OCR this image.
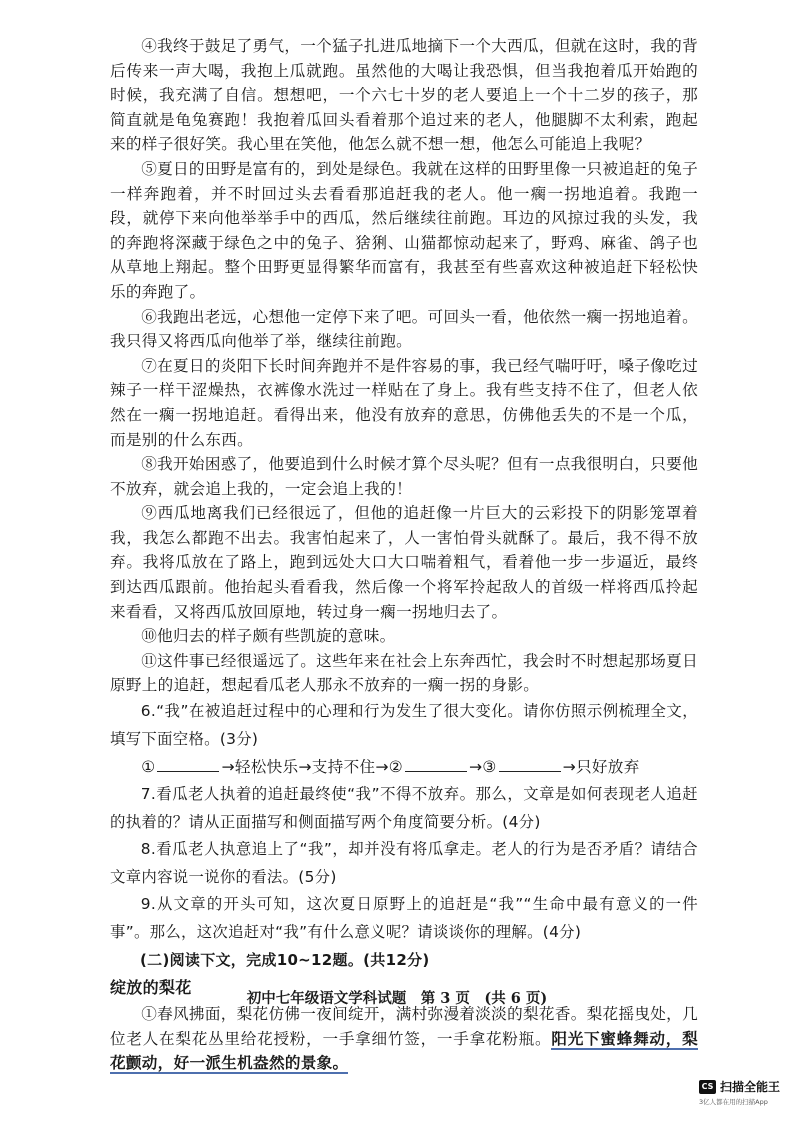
④我终于鼓足了勇气，一个猛子扎进瓜地摘下一个大西瓜，但就在这时，我的背后传来一声大喝，我抱上瓜就跑。虽然他的大喝让我恐惧，但当我抱着瓜开始跑的时候，我充满了自信。想想吧，一个六七十岁的老人要追上一个十二岁的孩子，那简直就是龟兔赛跑！我抱着瓜回头看着那个追过来的老人，他腿脚不太利索，跑起来的样子很好笑。我心里在笑他，他怎么就不想一想，他怎么可能追上我呢？

⑤夏日的田野是富有的，到处是绿色。我就在这样的田野里像一只被追赶的兔子一样奔跑着，并不时回过头去看看那追赶我的老人。他一瘸一拐地追着。我跑一段，就停下来向他举举手中的西瓜，然后继续往前跑。耳边的风掠过我的头发，我的奔跑将深藏于绿色之中的兔子、猞猁、山猫都惊动起来了，野鸡、麻雀、鸽子也从草地上翔起。整个田野更显得繁华而富有，我甚至有些喜欢这种被追赶下轻松快乐的奔跑了。

⑥我跑出老远，心想他一定停下来了吧。可回头一看，他依然一瘸一拐地追着。我只得又将西瓜向他举了举，继续往前跑。

⑦在夏日的炎阳下长时间奔跑并不是件容易的事，我已经气喘吁吁，嗓子像吃过辣子一样干涩燥热，衣裤像水洗过一样贴在了身上。我有些支持不住了，但老人依然在一瘸一拐地追赶。看得出来，他没有放弃的意思，仿佛他丢失的不是一个瓜，而是别的什么东西。

⑧我开始困惑了，他要追到什么时候才算个尽头呢？但有一点我很明白，只要他不放弃，就会追上我的，一定会追上我的！

⑨西瓜地离我们已经很远了，但他的追赶像一片巨大的云彩投下的阴影笼罩着我，我怎么都跑不出去。我害怕起来了，人一害怕骨头就酥了。最后，我不得不放弃。我将瓜放在了路上，跑到远处大口大口喘着粗气，看着他一步一步逼近，最终到达西瓜跟前。他抬起头看看我，然后像一个将军拎起敌人的首级一样将西瓜拎起来看看，又将西瓜放回原地，转过身一瘸一拐地归去了。

⑩他归去的样子颇有些凯旋的意味。

⑪这件事已经很遥远了。这些年来在社会上东奔西忙，我会时不时想起那场夏日原野上的追赶，想起看瓜老人那永不放弃的一瘸一拐的身影。

6.“我”在被追赶过程中的心理和行为发生了很大变化。请你仿照示例梳理全文，填写下面空格。(3分)

①	→轻松快乐→支持不住→②	→③	→只好放弃

7.看瓜老人执着的追赶最终使“我”不得不放弃。那么，文章是如何表现老人追赶的执着的？请从正面描写和侧面描写两个角度简要分析。(4分)

8.看瓜老人执意追上了“我”，却并没有将瓜拿走。老人的行为是否矛盾？请结合文章内容说一说你的看法。(5分)

9.从文章的开头可知，这次夏日原野上的追赶是“我”“生命中最有意义的一件事”。那么，这次追赶对“我”有什么意义呢？请谈谈你的理解。(4分)

(二)阅读下文，完成10~12题。(共12分)

绽放的梨花

①春风拂面，梨花仿佛一夜间绽开，满村弥漫着淡淡的梨花香。梨花摇曳处，几位老人在梨花丛里给花授粉，一手拿细竹签，一手拿花粉瓶。阳光下蜜蜂舞动，梨花颤动，好一派生机盎然的景象。

初中七年级语文学科试题　第 3 页　(共 6 页)
CS 扫描全能王
3亿人都在用的扫描App
